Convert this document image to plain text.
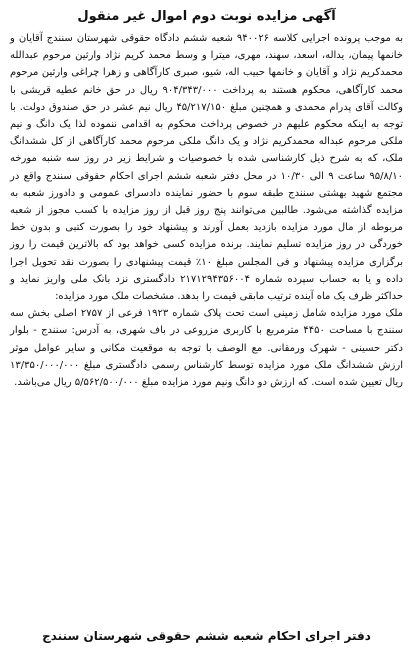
آگهی مزایده نوبت دوم اموال غیر منقول

به موجب پرونده اجرایی کلاسه ۹۴۰۰۲۶ شعبه ششم دادگاه حقوقی شهرستان سنندج آقایان و خانمها پیمان، یداله، اسعد، سهند، مهری، میترا و وسط محمد کریم نژاد وارثین مرحوم عبدالله محمدکریم نژاد و آقایان و خانمها حبیب اله، شیو، صبری کارآگاهی و زهرا چراغی وارثین مرحوم محمد کارآگاهی، محکوم هستند به پرداخت ۹۰۴/۳۴۳/۰۰۰ ریال در حق خانم عطیه قریشی با وکالت آقای پدرام محمدی و همچنین مبلغ ۴۵/۲۱۷/۱۵۰ ریال نیم عشر در حق صندوق دولت. با توجه به اینکه محکوم علیهم در خصوص پرداخت محکوم به اقدامی ننموده لذا یک دانگ و نیم ملکی مرحوم عبداله محمدکریم نژاد و یک دانگ ملکی مرحوم محمد کارآگاهی از کل ششدانگ ملک، که به شرح ذیل کارشناسی شده با خصوصیات و شرایط زیر در روز سه شنبه مورخه ۹۵/۸/۱۰ ساعت ۹ الی ۱۰/۳۰ در محل دفتر شعبه ششم اجرای احکام حقوقی سنندج واقع در مجتمع شهید بهشتی سنندج طبقه سوم با حضور نماینده دادسرای عمومی و دادورز شعبه به مزایده گذاشته می‌شود. طالبین می‌توانند پنج روز قبل از روز مزایده با کسب مجوز از شعبه مربوطه از مال مورد مزایده بازدید بعمل آورند و پیشنهاد خود را بصورت کتبی و بدون خط خوردگی در روز مزایده تسلیم نمایند. برنده مزایده کسی خواهد بود که بالاترین قیمت را روز برگزاری مزایده پیشنهاد و فی المجلس مبلغ ۱۰٪ قیمت پیشنهادی را بصورت نقد تحویل اجرا داده و یا به حساب سپرده شماره ۲۱۷۱۲۹۴۳۵۶۰۰۴ دادگستری نزد بانک ملی واریز نماید و حداکثر ظرف یک ماه آینده ترتیب مابقی قیمت را بدهد. مشخصات ملک مورد مزایده:

ملک مورد مزایده شامل زمینی است تحت پلاک شماره ۱۹۲۳ فرعی از ۲۷۵۷ اصلی بخش سه سنندج با مساحت ۴۴۵۰ مترمربع با کاربری مزروعی در باف شهری، به آدرس: سنندج - بلوار دکتر حسینی - شهرک ورمقانی. مع الوصف با توجه به موقعیت مکانی و سایر عوامل موثر ارزش ششدانگ ملک مورد مزایده توسط کارشناس رسمی دادگستری مبلغ ۱۳/۳۵۰/۰۰۰/۰۰۰ ریال تعیین شده است. که ارزش دو دانگ ونیم مورد مزایده مبلغ ۵/۵۶۲/۵۰۰/۰۰۰ ریال می‌باشد.

دفتر اجرای احکام شعبه ششم حقوقی شهرستان سنندج
